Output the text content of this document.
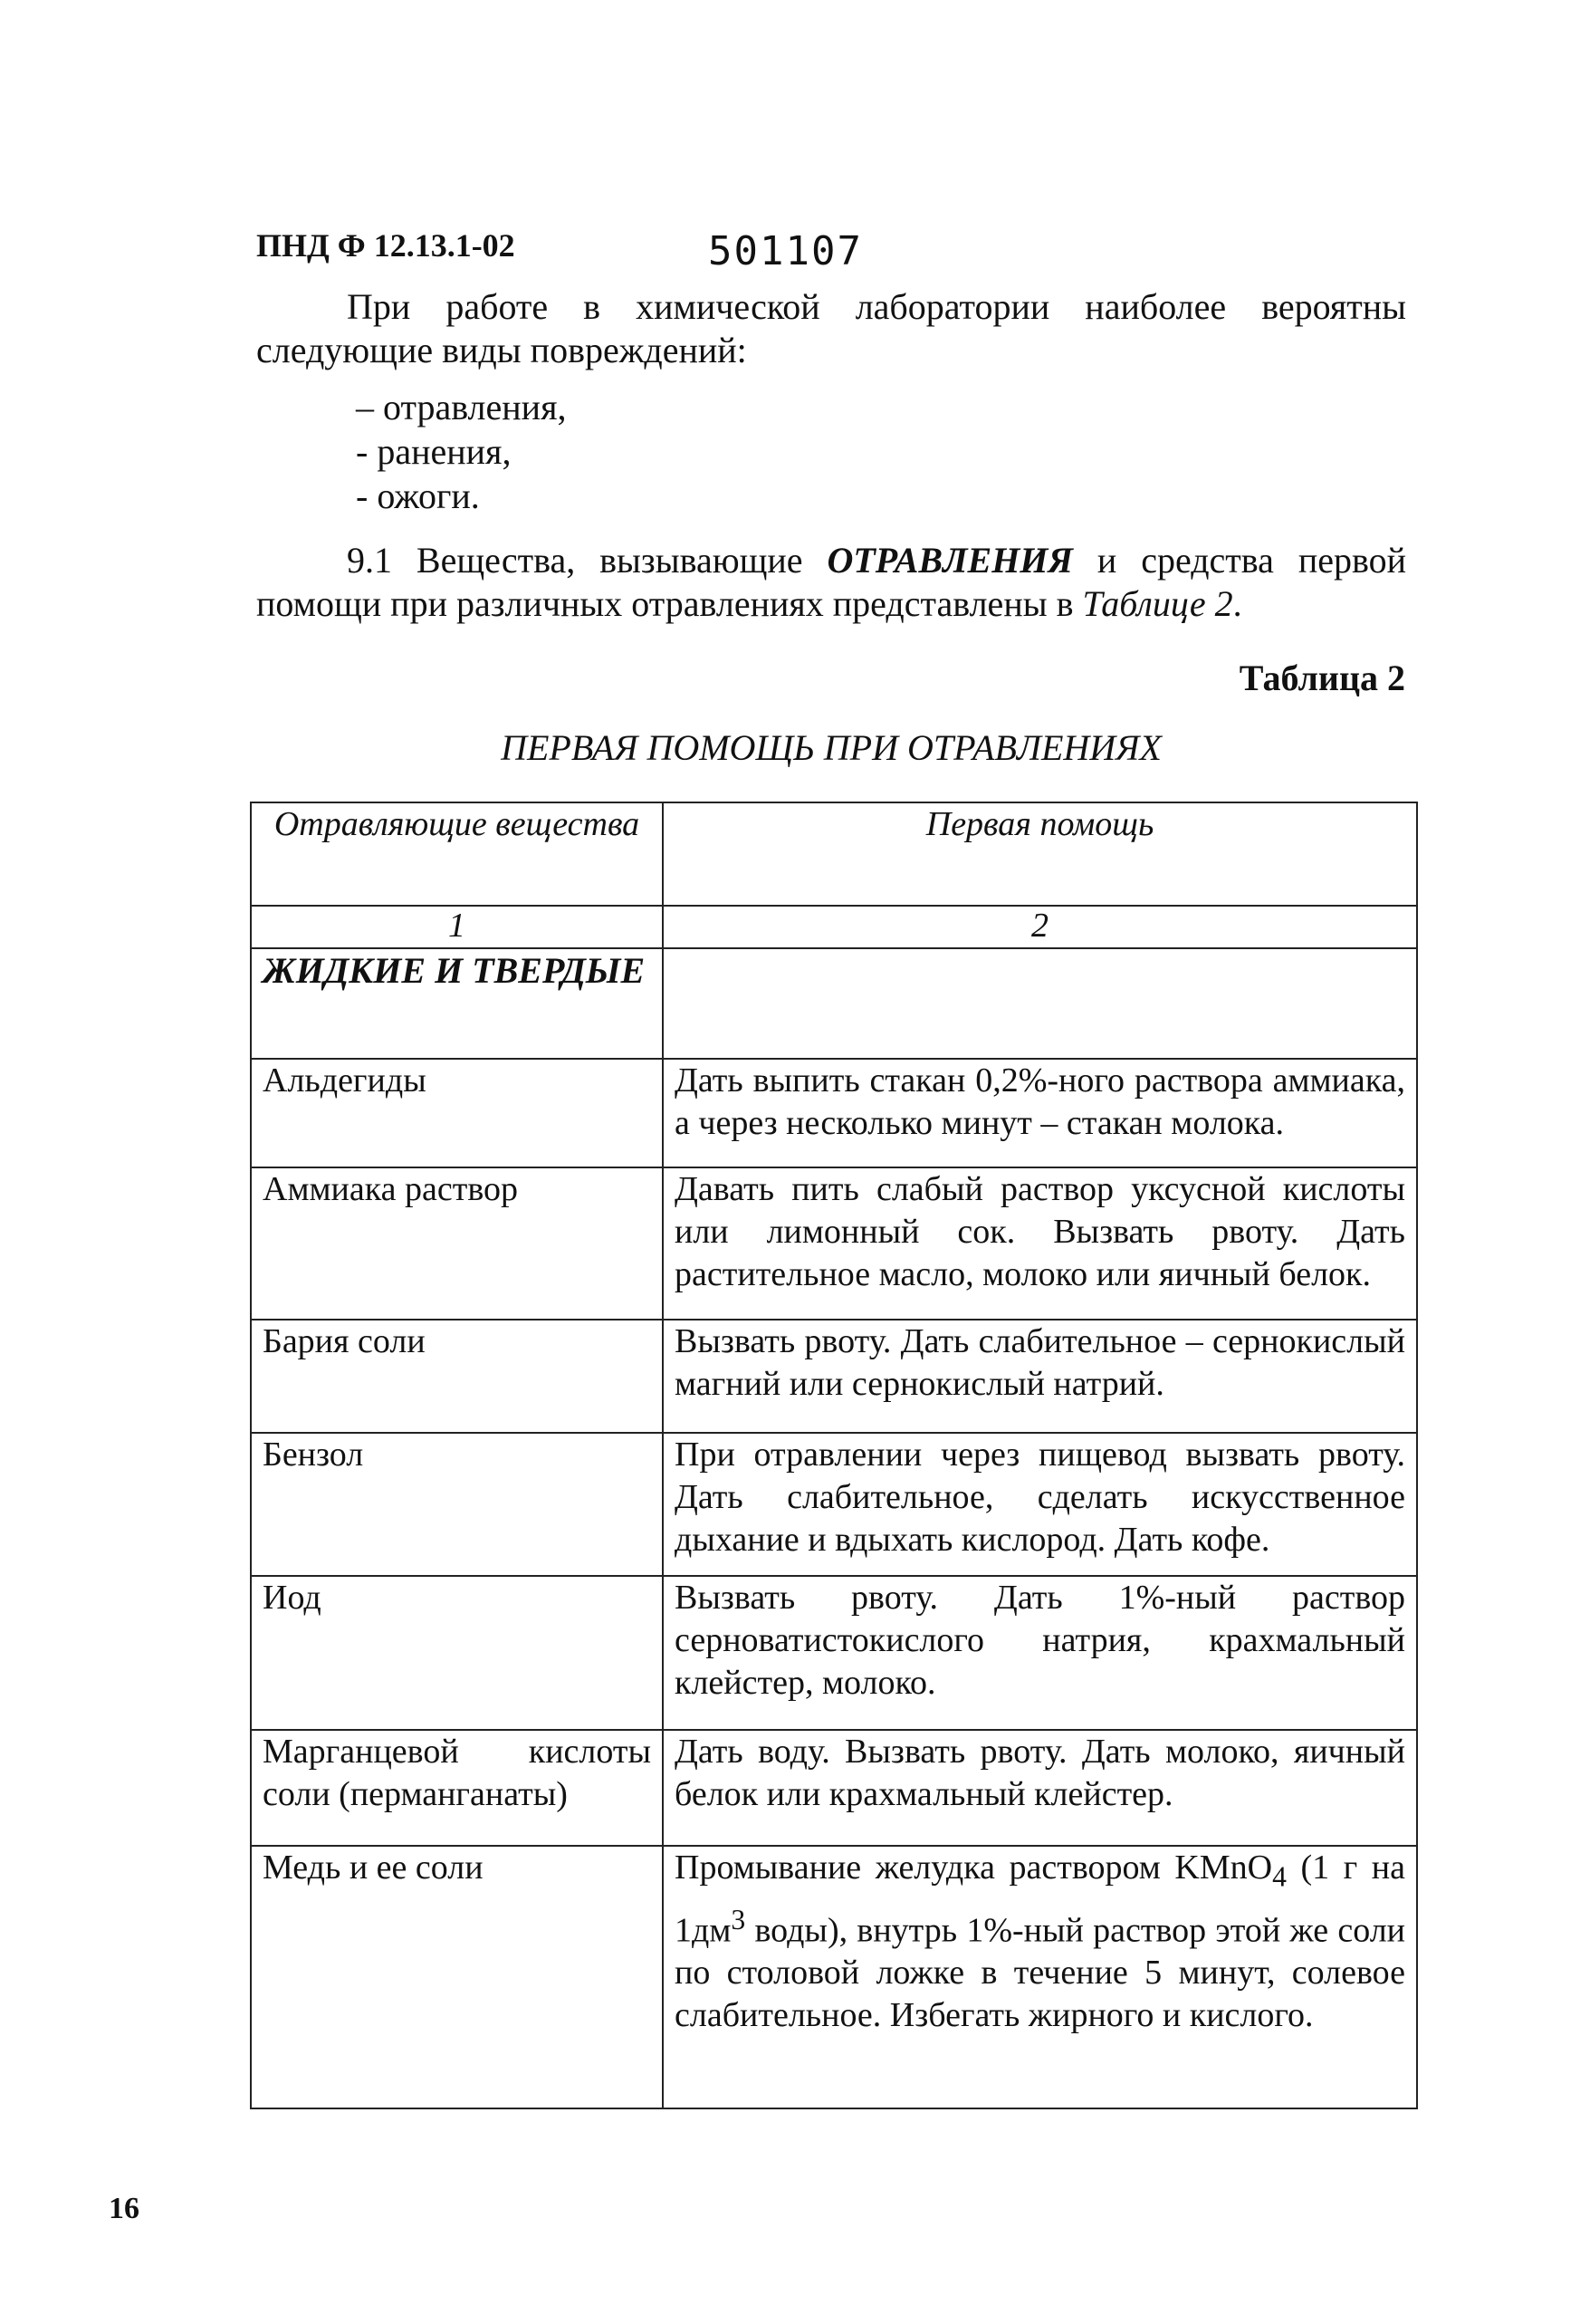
ПНД Ф 12.13.1-02	501107
При работе в химической лаборатории наиболее вероятны следующие виды повреждений:
– отравления,
- ранения,
- ожоги.
9.1 Вещества, вызывающие ОТРАВЛЕНИЯ и средства первой помощи при различных отравлениях представлены в Таблице 2.
Таблица 2
ПЕРВАЯ ПОМОЩЬ ПРИ ОТРАВЛЕНИЯХ
Отравляющие вещества	Первая помощь
1	2
ЖИДКИЕ И ТВЕРДЫЕ	
Альдегиды	Дать выпить стакан 0,2%-ного раствора аммиака, а через несколько минут – стакан молока.
Аммиака раствор	Давать пить слабый раствор уксусной кислоты или лимонный сок. Вызвать рвоту. Дать растительное масло, молоко или яичный белок.
Бария соли	Вызвать рвоту. Дать слабительное – сернокислый магний или сернокислый натрий.
Бензол	При отравлении через пищевод вызвать рвоту. Дать слабительное, сделать искусственное дыхание и вдыхать кислород. Дать кофе.
Иод	Вызвать рвоту. Дать 1%-ный раствор серноватистокислого натрия, крахмальный клейстер, молоко.
Марганцевой кислоты соли (перманганаты)	Дать воду. Вызвать рвоту. Дать молоко, яичный белок или крахмальный клейстер.
Медь и ее соли	Промывание желудка раствором KMnO$_4$ (1 г на $1дм^3$ воды), внутрь 1%-ный раствор этой же соли по столовой ложке в течение 5 минут, солевое слабительное. Избегать жирного и кислого.
16
